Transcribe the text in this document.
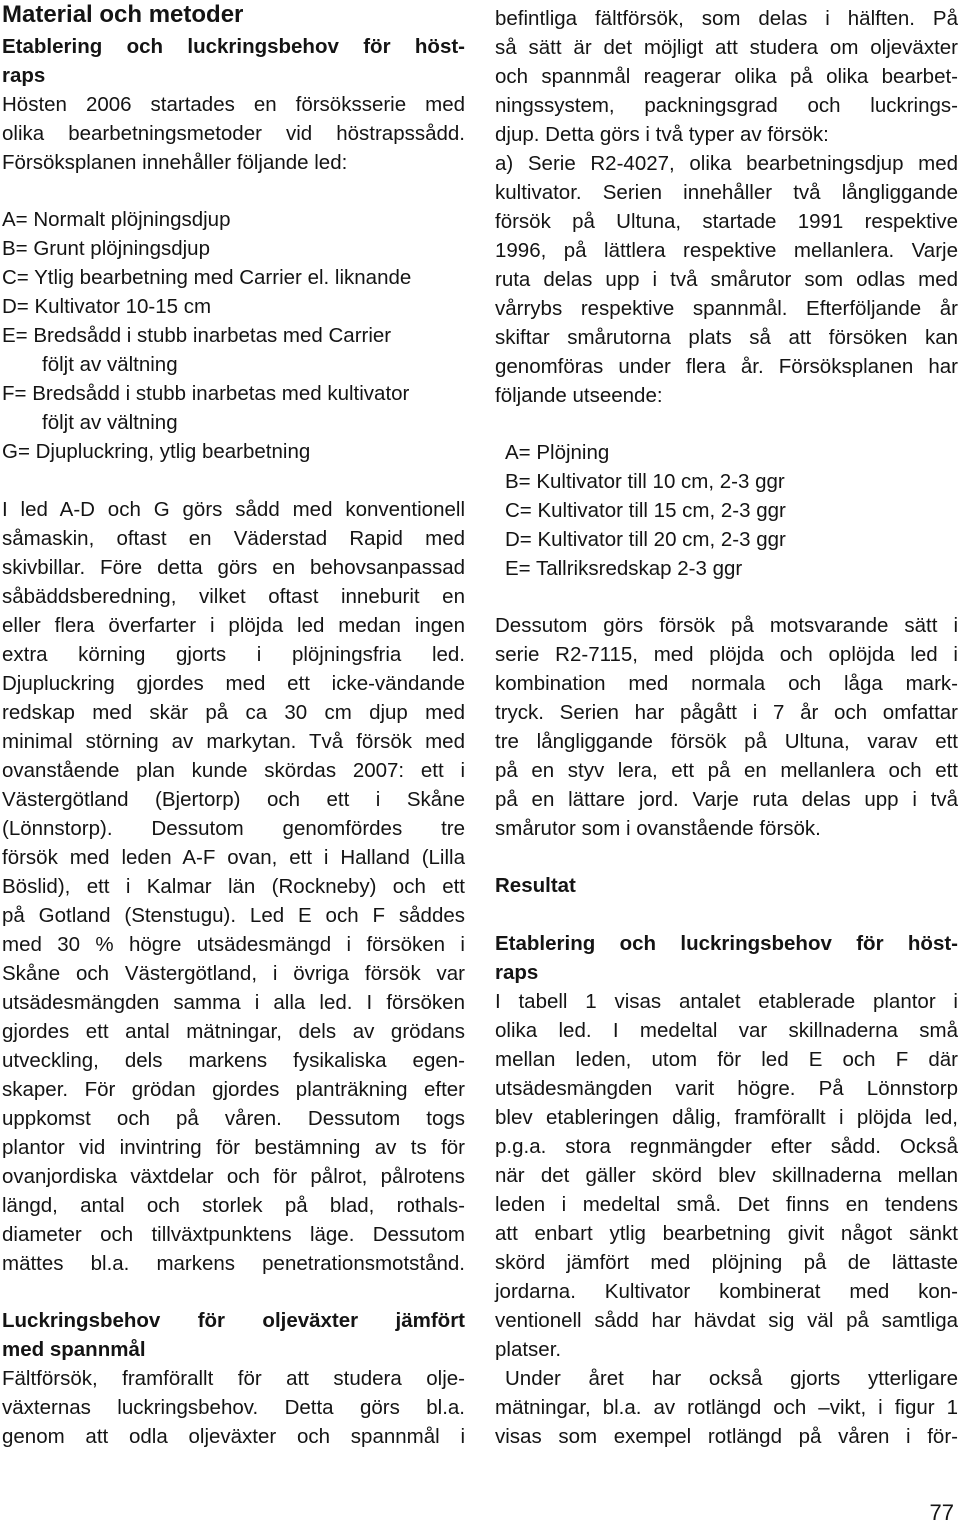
Material och metoder
Etablering och luckringsbehov för höst-
raps
Hösten 2006 startades en försöksserie med
olika bearbetningsmetoder vid höstrapssådd.
Försöksplanen innehåller följande led:
A= Normalt plöjningsdjup
B= Grunt plöjningsdjup
C= Ytlig bearbetning med Carrier el. liknande
D= Kultivator 10-15 cm
E= Bredsådd i stubb inarbetas med Carrier
följt av vältning
F= Bredsådd i stubb inarbetas med kultivator
följt av vältning
G= Djupluckring, ytlig bearbetning
I led A-D och G görs sådd med konventionell
såmaskin, oftast en Väderstad Rapid med
skivbillar. Före detta görs en behovsanpassad
såbäddsberedning, vilket oftast inneburit en
eller flera överfarter i plöjda led medan ingen
extra körning gjorts i plöjningsfria led.
Djupluckring gjordes med ett icke-vändande
redskap med skär på ca 30 cm djup med
minimal störning av markytan. Två försök med
ovanstående plan kunde skördas 2007: ett i
Västergötland (Bjertorp) och ett i Skåne
(Lönnstorp). Dessutom genomfördes tre
försök med leden A-F ovan, ett i Halland (Lilla
Böslid), ett i Kalmar län (Rockneby) och ett
på Gotland (Stenstugu). Led E och F såddes
med 30 % högre utsädesmängd i försöken i
Skåne och Västergötland, i övriga försök var
utsädesmängden samma i alla led. I försöken
gjordes ett antal mätningar, dels av grödans
utveckling, dels markens fysikaliska egen-
skaper. För grödan gjordes planträkning efter
uppkomst och på våren. Dessutom togs
plantor vid invintring för bestämning av ts för
ovanjordiska växtdelar och för pålrot, pålrotens
längd, antal och storlek på blad, rothals-
diameter och tillväxtpunktens läge. Dessutom
mättes bl.a. markens penetrationsmotstånd.
Luckringsbehov för oljeväxter jämfört
med spannmål
Fältförsök, framförallt för att studera olje-
växternas luckringsbehov. Detta görs bl.a.
genom att odla oljeväxter och spannmål i
befintliga fältförsök, som delas i hälften. På
så sätt är det möjligt att studera om oljeväxter
och spannmål reagerar olika på olika bearbet-
ningssystem, packningsgrad och luckrings-
djup. Detta görs i två typer av försök:
a) Serie R2-4027, olika bearbetningsdjup med
kultivator. Serien innehåller två långliggande
försök på Ultuna, startade 1991 respektive
1996, på lättlera respektive mellanlera. Varje
ruta delas upp i två smårutor som odlas med
vårrybs respektive spannmål. Efterföljande år
skiftar smårutorna plats så att försöken kan
genomföras under flera år. Försöksplanen har
följande utseende:
A= Plöjning
B= Kultivator till 10 cm, 2-3 ggr
C= Kultivator till 15 cm, 2-3 ggr
D= Kultivator till 20 cm, 2-3 ggr
E= Tallriksredskap 2-3 ggr
Dessutom görs försök på motsvarande sätt i
serie R2-7115, med plöjda och oplöjda led i
kombination med normala och låga mark-
tryck. Serien har pågått i 7 år och omfattar
tre långliggande försök på Ultuna, varav ett
på en styv lera, ett på en mellanlera och ett
på en lättare jord. Varje ruta delas upp i två
smårutor som i ovanstående försök.
Resultat
Etablering och luckringsbehov för höst-
raps
I tabell 1 visas antalet etablerade plantor i
olika led. I medeltal var skillnaderna små
mellan leden, utom för led E och F där
utsädesmängden varit högre. På Lönnstorp
blev etableringen dålig, framförallt i plöjda led,
p.g.a. stora regnmängder efter sådd. Också
när det gäller skörd blev skillnaderna mellan
leden i medeltal små. Det finns en tendens
att enbart ytlig bearbetning givit något sänkt
skörd jämfört med plöjning på de lättaste
jordarna. Kultivator kombinerat med kon-
ventionell sådd har hävdat sig väl på samtliga
platser.
Under året har också gjorts ytterligare
mätningar, bl.a. av rotlängd och –vikt, i figur 1
visas som exempel rotlängd på våren i för-
77
